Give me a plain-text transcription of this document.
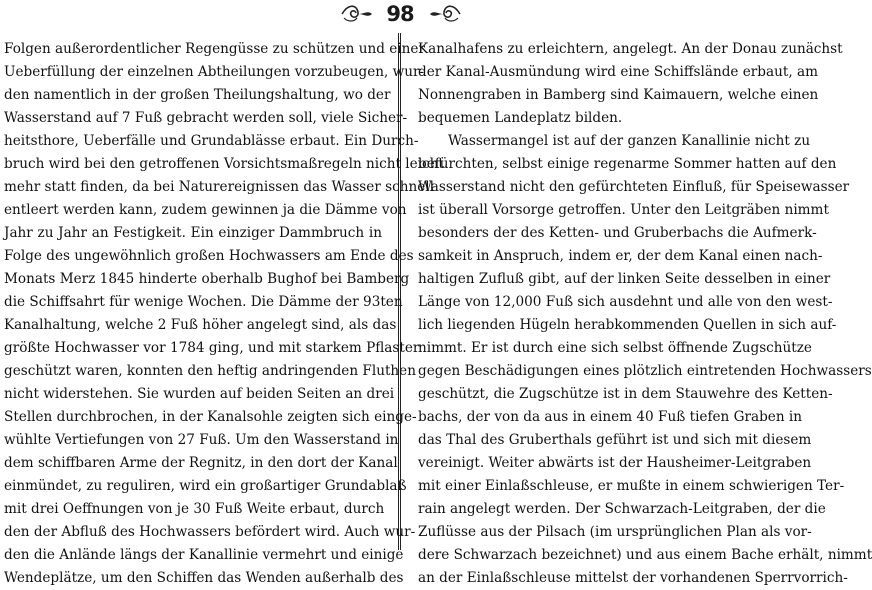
98
Folgen außerordentlicher Regengüsse zu schützen und einer
Ueberfüllung der einzelnen Abtheilungen vorzubeugen, wur-
den namentlich in der großen Theilungshaltung, wo der
Wasserstand auf 7 Fuß gebracht werden soll, viele Sicher-
heitsthore, Ueberfälle und Grundablässe erbaut. Ein Durch-
bruch wird bei den getroffenen Vorsichtsmaßregeln nicht leicht
mehr statt finden, da bei Naturereignissen das Wasser schnell
entleert werden kann, zudem gewinnen ja die Dämme von
Jahr zu Jahr an Festigkeit. Ein einziger Dammbruch in
Folge des ungewöhnlich großen Hochwassers am Ende des
Monats Merz 1845 hinderte oberhalb Bughof bei Bamberg
die Schiffsahrt für wenige Wochen. Die Dämme der 93ten
Kanalhaltung, welche 2 Fuß höher angelegt sind, als das
größte Hochwasser vor 1784 ging, und mit starkem Pflaster
geschützt waren, konnten den heftig andringenden Fluthen
nicht widerstehen. Sie wurden auf beiden Seiten an drei
Stellen durchbrochen, in der Kanalsohle zeigten sich einge-
wühlte Vertiefungen von 27 Fuß. Um den Wasserstand in
dem schiffbaren Arme der Regnitz, in den dort der Kanal
einmündet, zu reguliren, wird ein großartiger Grundablaß
mit drei Oeffnungen von je 30 Fuß Weite erbaut, durch
den der Abfluß des Hochwassers befördert wird. Auch wur-
den die Anlände längs der Kanallinie vermehrt und einige
Wendeplätze, um den Schiffen das Wenden außerhalb des
Kanalhafens zu erleichtern, angelegt. An der Donau zunächst
der Kanal-Ausmündung wird eine Schiffsländе erbaut, am
Nonnengraben in Bamberg sind Kaimauern, welche einen
bequemen Landeplatz bilden.
Wassermangel ist auf der ganzen Kanallinie nicht zu
befürchten, selbst einige regenarme Sommer hatten auf den
Wasserstand nicht den gefürchteten Einfluß, für Speisewasser
ist überall Vorsorge getroffen. Unter den Leitgräben nimmt
besonders der des Ketten- und Gruberbachs die Aufmerk-
samkeit in Anspruch, indem er, der dem Kanal einen nach-
haltigen Zufluß gibt, auf der linken Seite desselben in einer
Länge von 12,000 Fuß sich ausdehnt und alle von den west-
lich liegenden Hügeln herabkommenden Quellen in sich auf-
nimmt. Er ist durch eine sich selbst öffnende Zugschütze
gegen Beschädigungen eines plötzlich eintretenden Hochwassers
geschützt, die Zugschütze ist in dem Stauwehre des Ketten-
bachs, der von da aus in einem 40 Fuß tiefen Graben in
das Thal des Gruberthals geführt ist und sich mit diesem
vereinigt. Weiter abwärts ist der Hausheimer-Leitgraben
mit einer Einlaßschleuse, er mußte in einem schwierigen Ter-
rain angelegt werden. Der Schwarzach-Leitgraben, der die
Zuflüsse aus der Pilsach (im ursprünglichen Plan als vor-
dere Schwarzach bezeichnet) und aus einem Bache erhält, nimmt
an der Einlaßschleuse mittelst der vorhandenen Sperrvorrich-
